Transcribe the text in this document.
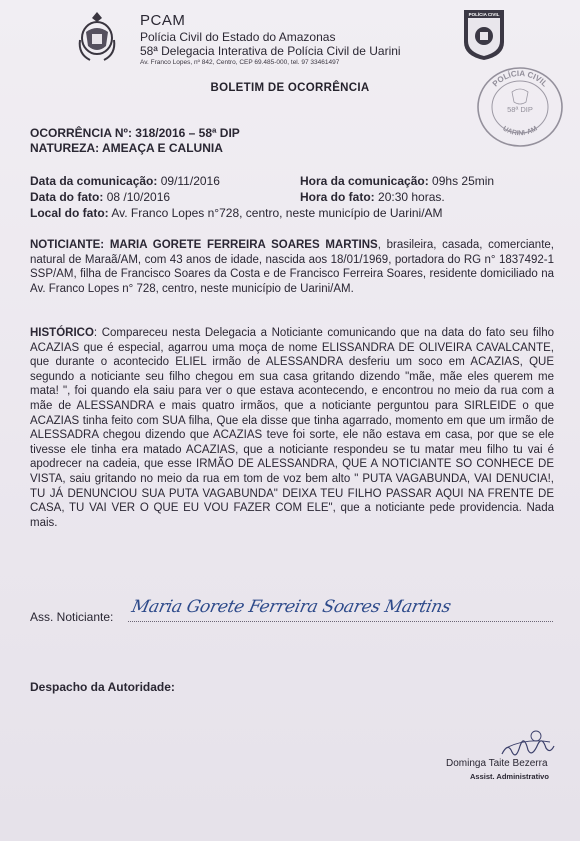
PCAM
Polícia Civil do Estado do Amazonas
58ª Delegacia Interativa de Polícia Civil de Uarini
Av. Franco Lopes, nº 842, Centro, CEP 69.485-000, tel. 97 33461497
POLÍCIA CIVIL
POLÍCIA CIVIL
58ª DIP
UARINI-AM
BOLETIM DE OCORRÊNCIA
OCORRÊNCIA Nº: 318/2016 – 58ª DIP
NATUREZA: AMEAÇA E CALUNIA
Data da comunicação: 09/11/2016	Hora da comunicação: 09hs 25min
Data do fato: 08 /10/2016	Hora do fato: 20:30 horas.
Local do fato: Av. Franco Lopes n°728, centro, neste município de Uarini/AM
NOTICIANTE: MARIA GORETE FERREIRA SOARES MARTINS, brasileira, casada, comerciante, natural de Maraã/AM, com 43 anos de idade, nascida aos 18/01/1969, portadora do RG n° 1837492-1 SSP/AM, filha de Francisco Soares da Costa e de Francisco Ferreira Soares, residente domiciliado na Av. Franco Lopes n° 728, centro, neste município de Uarini/AM.
HISTÓRICO: Compareceu nesta Delegacia a Noticiante comunicando que na data do fato seu filho ACAZIAS que é especial, agarrou uma moça de nome ELISSANDRA DE OLIVEIRA CAVALCANTE, que durante o acontecido ELIEL irmão de ALESSANDRA desferiu um soco em ACAZIAS, QUE segundo a noticiante seu filho chegou em sua casa gritando dizendo "mãe, mãe eles querem me mata! ", foi quando ela saiu para ver o que estava acontecendo, e encontrou no meio da rua com a mãe de ALESSANDRA e mais quatro irmãos, que a noticiante perguntou para SIRLEIDE o que ACAZIAS tinha feito com SUA filha, Que ela disse que tinha agarrado, momento em que um irmão de ALESSADRA chegou dizendo que ACAZIAS teve foi sorte, ele não estava em casa, por que se ele tivesse ele tinha era matado ACAZIAS, que a noticiante respondeu se tu matar meu filho tu vai é apodrecer na cadeia, que esse IRMÃO DE ALESSANDRA, QUE A NOTICIANTE SO CONHECE DE VISTA, saiu gritando no meio da rua em tom de voz bem alto " PUTA VAGABUNDA, VAI DENUCIA!, TU JÁ DENUNCIOU SUA PUTA VAGABUNDA" DEIXA TEU FILHO PASSAR AQUI NA FRENTE DE CASA, TU VAI VER O QUE EU VOU FAZER COM ELE", que a noticiante pede providencia. Nada mais.
Ass. Noticiante: Maria Gorete Ferreira Soares Martins
Despacho da Autoridade:
Dominga Taite Bezerra
Assist. Administrativo
